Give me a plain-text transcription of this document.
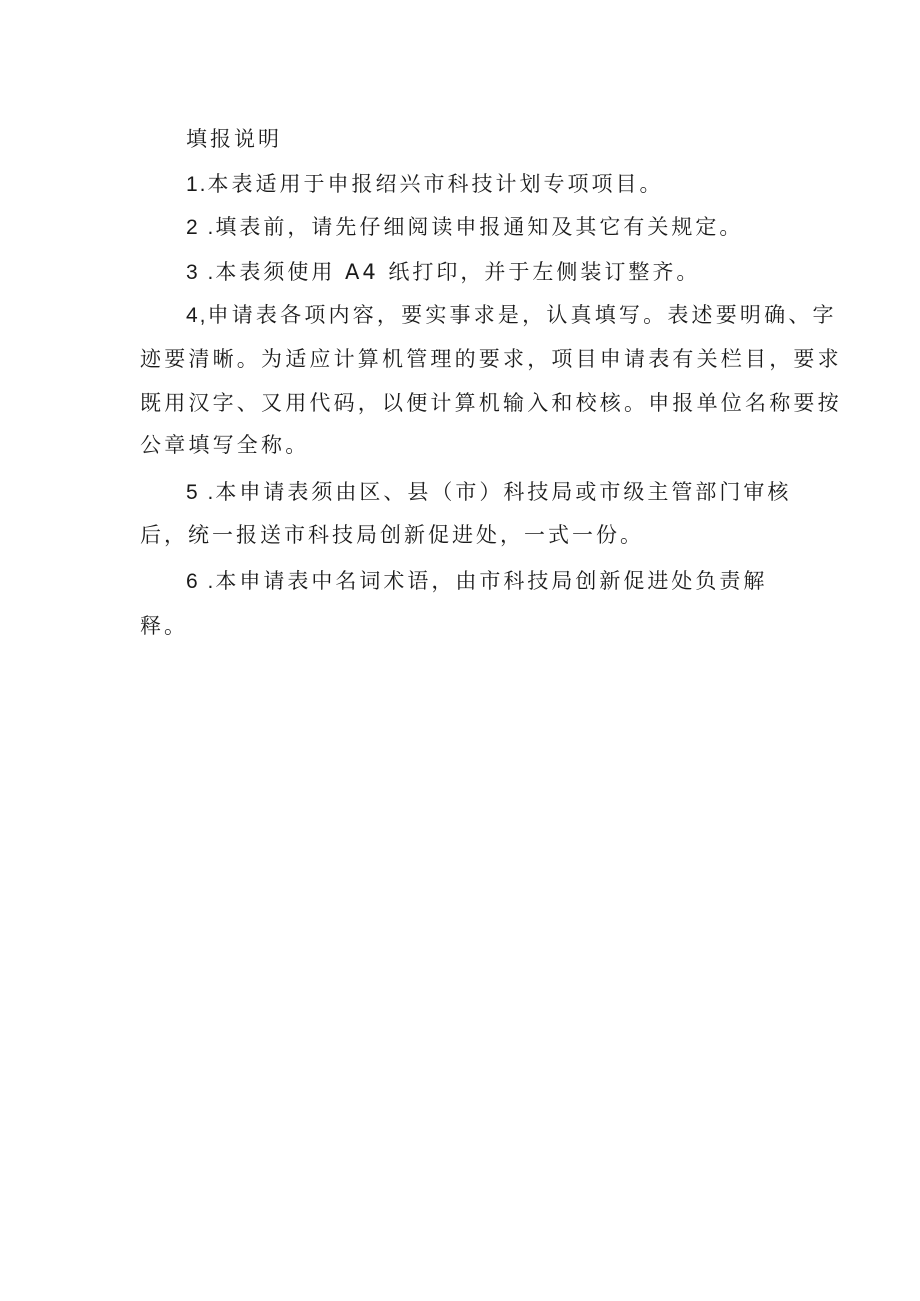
填报说明
1.本表适用于申报绍兴市科技计划专项项目。
2 .填表前，请先仔细阅读申报通知及其它有关规定。
3 .本表须使用 A4 纸打印，并于左侧装订整齐。
4,申请表各项内容，要实事求是，认真填写。表述要明确、字
迹要清晰。为适应计算机管理的要求，项目申请表有关栏目，要求
既用汉字、又用代码，以便计算机输入和校核。申报单位名称要按
公章填写全称。
5 .本申请表须由区、县（市）科技局或市级主管部门审核
后，统一报送市科技局创新促进处，一式一份。
6 .本申请表中名词术语，由市科技局创新促进处负责解
释。
